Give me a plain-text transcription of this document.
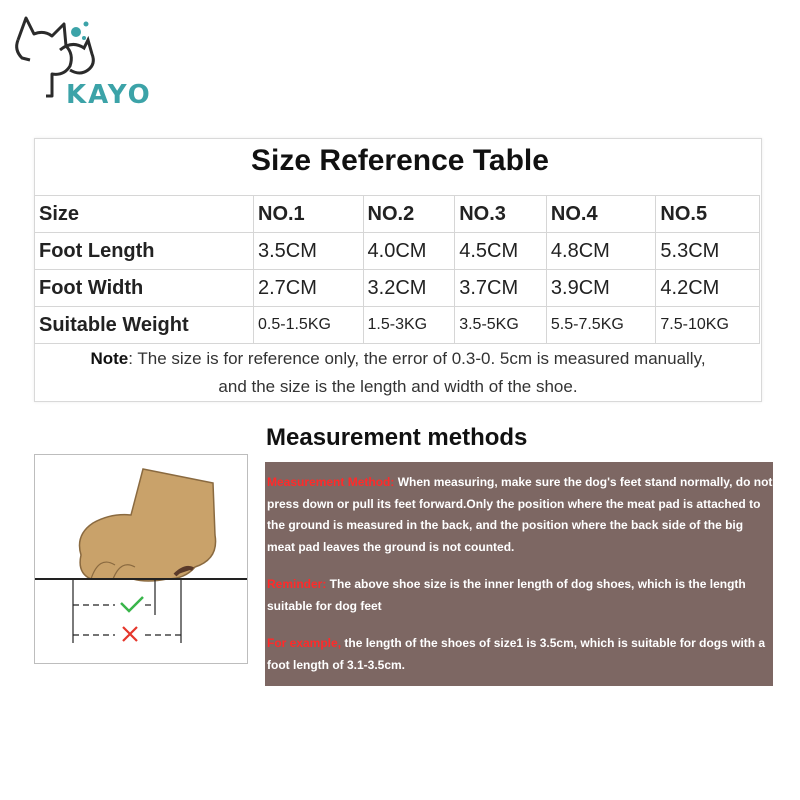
KAYO
Size Reference Table
Size	NO.1	NO.2	NO.3	NO.4	NO.5
Foot Length	3.5CM	4.0CM	4.5CM	4.8CM	5.3CM
Foot Width	2.7CM	3.2CM	3.7CM	3.9CM	4.2CM
Suitable Weight	0.5-1.5KG	1.5-3KG	3.5-5KG	5.5-7.5KG	7.5-10KG
Note: The size is for reference only, the error of 0.3-0. 5cm is measured manually,
and the size is the length and width of the shoe.
Measurement methods

Measurement Method: When measuring, make sure the dog's feet stand normally, do not press down or pull its feet forward.Only the position where the meat pad is attached to the ground is measured in the back, and the position where the back side of the big meat pad leaves the ground is not counted.

Reminder: The above shoe size is the inner length of dog shoes, which is the length suitable for dog feet

For example, the length of the shoes of size1 is 3.5cm, which is suitable for dogs with a foot length of 3.1-3.5cm.
